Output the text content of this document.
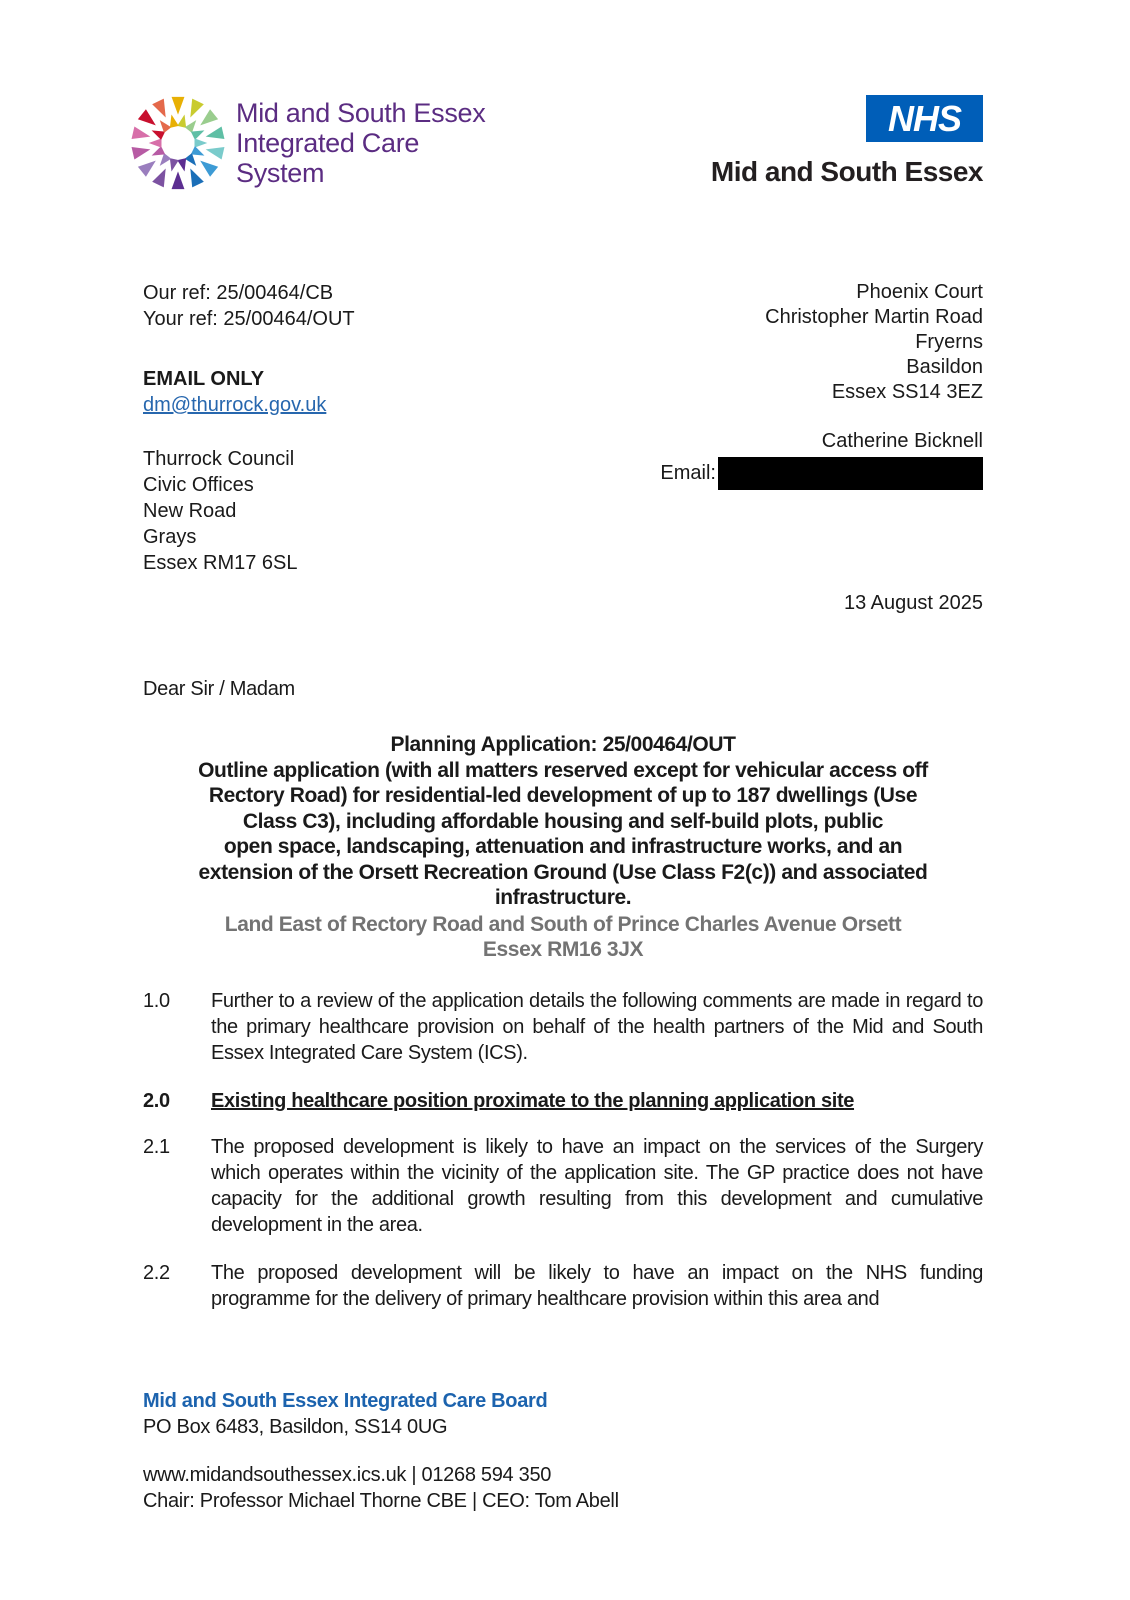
Mid and South Essex
Integrated Care
System
NHS
Mid and South Essex
Our ref: 25/00464/CB
Your ref: 25/00464/OUT
EMAIL ONLY
dm@thurrock.gov.uk
Thurrock Council
Civic Offices
New Road
Grays
Essex RM17 6SL
Phoenix Court
Christopher Martin Road
Fryerns
Basildon
Essex SS14 3EZ
Catherine Bicknell
Email:
13 August 2025
Dear Sir / Madam
Planning Application: 25/00464/OUT
Outline application (with all matters reserved except for vehicular access off
Rectory Road) for residential-led development of up to 187 dwellings (Use
Class C3), including affordable housing and self-build plots, public
open space, landscaping, attenuation and infrastructure works, and an
extension of the Orsett Recreation Ground (Use Class F2(c)) and associated
infrastructure.
Land East of Rectory Road and South of Prince Charles Avenue Orsett
Essex RM16 3JX
1.0	Further to a review of the application details the following comments are made in regard to the primary healthcare provision on behalf of the health partners of the Mid and South Essex Integrated Care System (ICS).
2.0	Existing healthcare position proximate to the planning application site
2.1	The proposed development is likely to have an impact on the services of the Surgery which operates within the vicinity of the application site. The GP practice does not have capacity for the additional growth resulting from this development and cumulative development in the area.
2.2	The proposed development will be likely to have an impact on the NHS funding programme for the delivery of primary healthcare provision within this area and
Mid and South Essex Integrated Care Board
PO Box 6483, Basildon, SS14 0UG
www.midandsouthessex.ics.uk | 01268 594 350
Chair: Professor Michael Thorne CBE | CEO: Tom Abell
